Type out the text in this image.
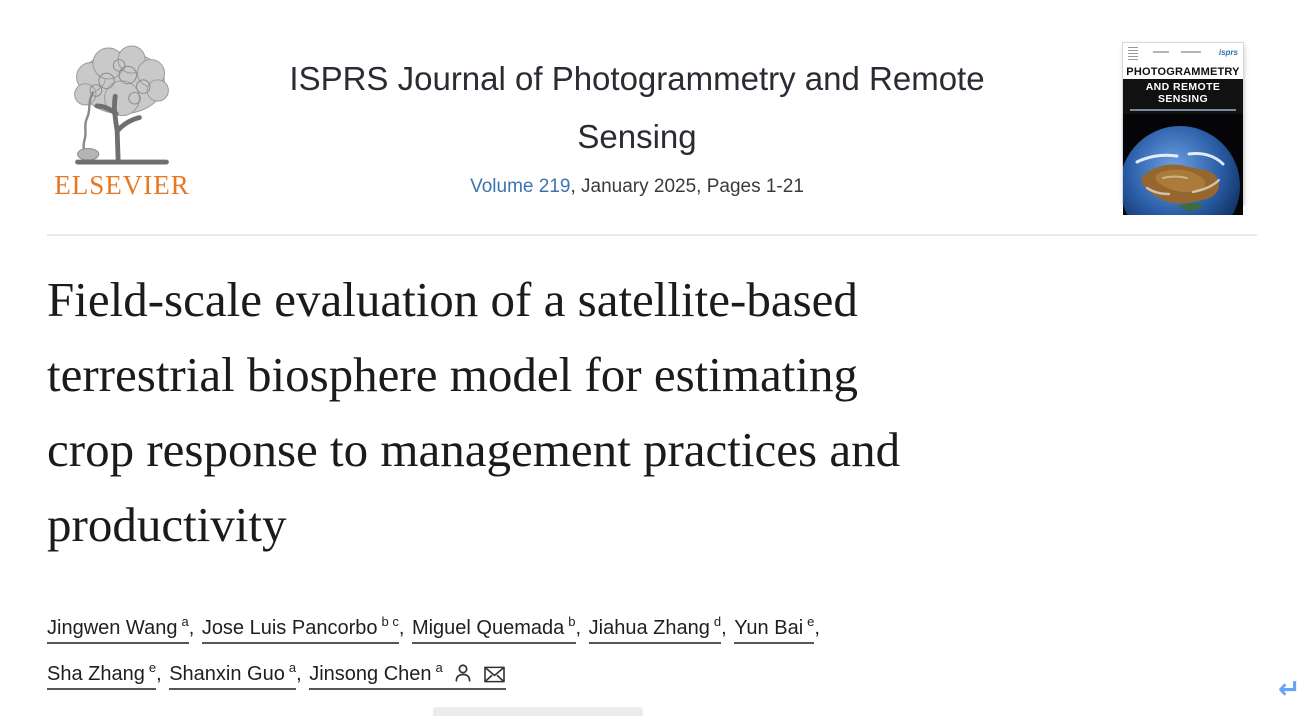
ELSEVIER
ISPRS Journal of Photogrammetry and Remote
Sensing
Volume 219, January 2025, Pages 1-21
isprs
PHOTOGRAMMETRY
AND REMOTE SENSING
Field-scale evaluation of a satellite-based
terrestrial biosphere model for estimating
crop response to management practices and
productivity
Jingwen Wang $^a$, Jose Luis Pancorbo $^{b c}$, Miguel Quemada $^b$, Jiahua Zhang $^d$, Yun Bai $^e$,
Sha Zhang $^e$, Shanxin Guo $^a$, Jinsong Chen $^a$
↵
